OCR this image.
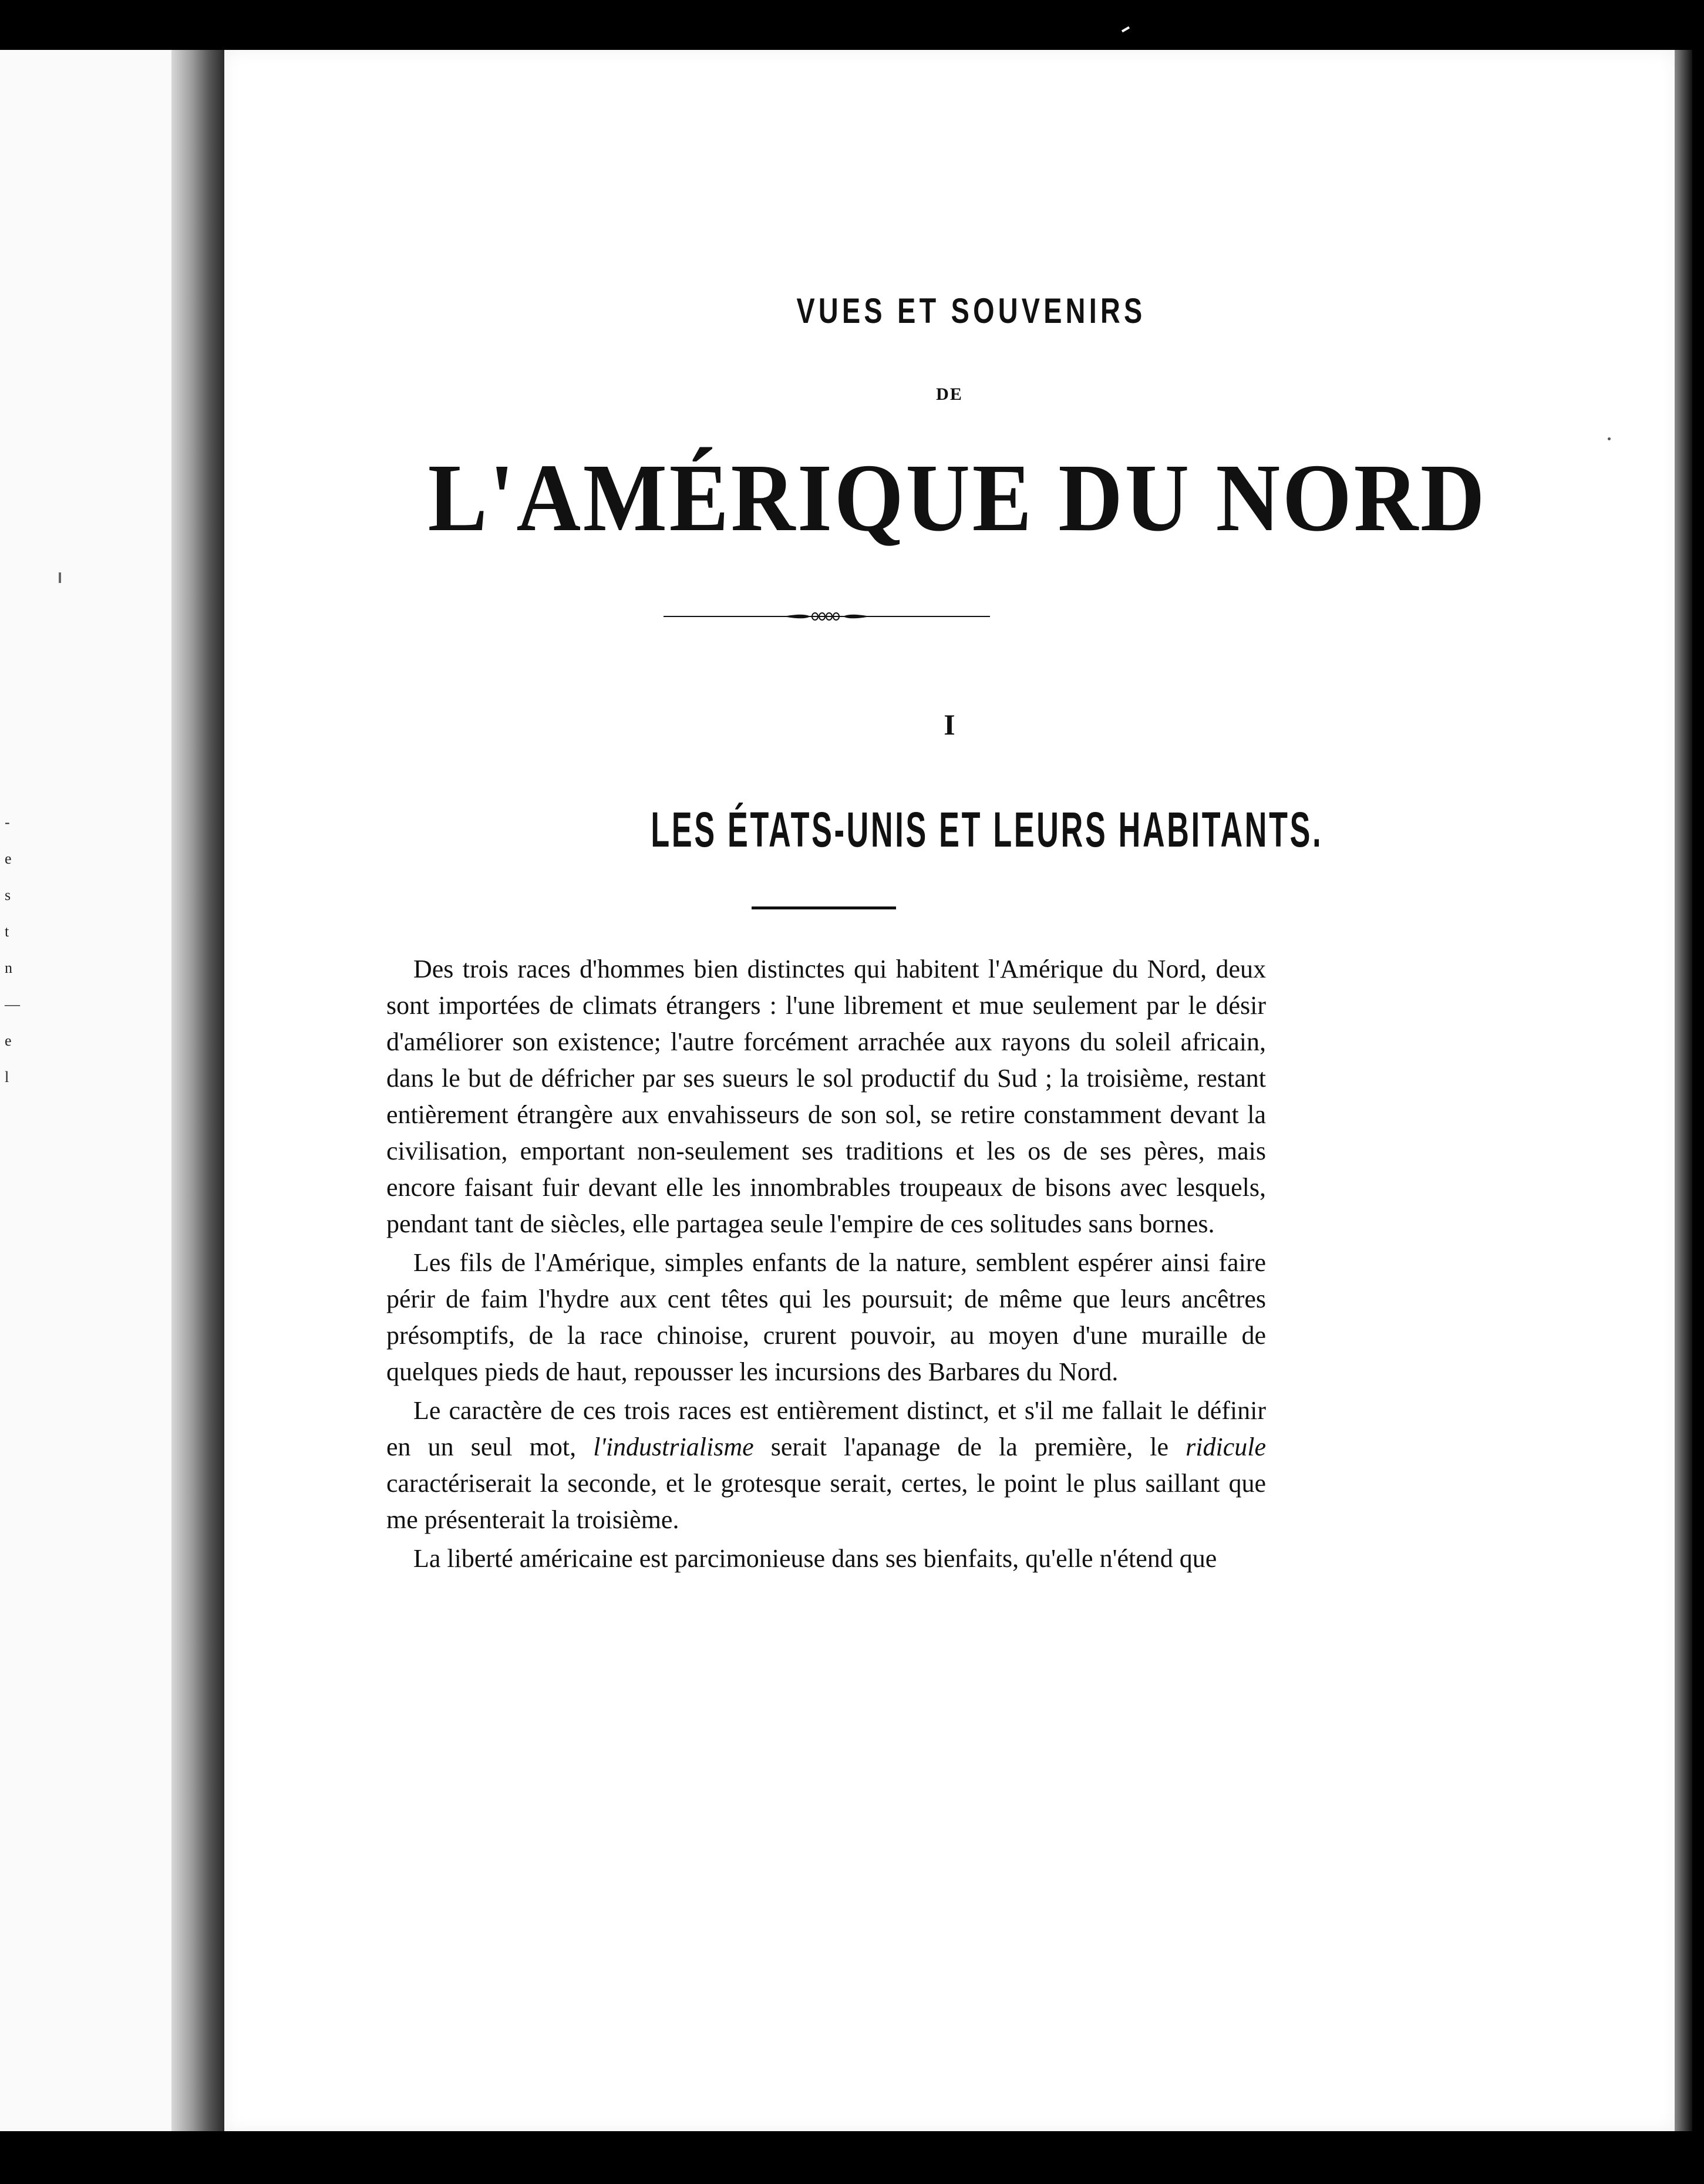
-
e
s
t
n
—
e
l
VUES ET SOUVENIRS
DE
L'AMÉRIQUE DU NORD
I
LES ÉTATS-UNIS ET LEURS HABITANTS.

Des trois races d'hommes bien distinctes qui habitent l'Amérique du Nord, deux sont importées de climats étrangers : l'une librement et mue seulement par le désir d'améliorer son existence; l'autre forcément arrachée aux rayons du soleil africain, dans le but de défricher par ses sueurs le sol productif du Sud ; la troisième, restant entièrement étrangère aux envahisseurs de son sol, se retire constamment devant la civilisation, emportant non-seulement ses traditions et les os de ses pères, mais encore faisant fuir devant elle les innombrables troupeaux de bisons avec lesquels, pendant tant de siècles, elle partagea seule l'empire de ces solitudes sans bornes.

Les fils de l'Amérique, simples enfants de la nature, semblent espérer ainsi faire périr de faim l'hydre aux cent têtes qui les poursuit; de même que leurs ancêtres présomptifs, de la race chinoise, crurent pouvoir, au moyen d'une muraille de quelques pieds de haut, repousser les incursions des Barbares du Nord.

Le caractère de ces trois races est entièrement distinct, et s'il me fallait le définir en un seul mot, l'industrialisme serait l'apanage de la première, le ridicule caractériserait la seconde, et le grotesque serait, certes, le point le plus saillant que me présenterait la troisième.

La liberté américaine est parcimonieuse dans ses bienfaits, qu'elle n'étend que
